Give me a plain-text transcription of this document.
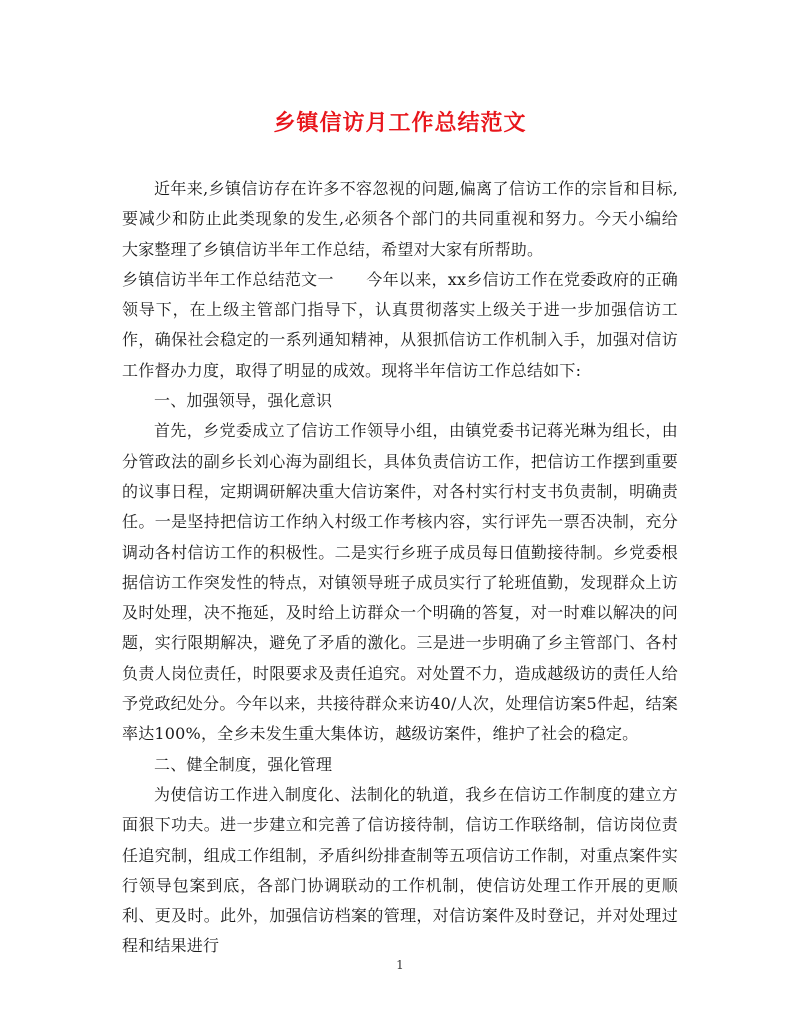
乡镇信访月工作总结范文

近年来,乡镇信访存在许多不容忽视的问题,偏离了信访工作的宗旨和目标,要减少和防止此类现象的发生,必须各个部门的共同重视和努力。今天小编给大家整理了乡镇信访半年工作总结，希望对大家有所帮助。

乡镇信访半年工作总结范文一　　今年以来，xx乡信访工作在党委政府的正确领导下，在上级主管部门指导下，认真贯彻落实上级关于进一步加强信访工作，确保社会稳定的一系列通知精神，从狠抓信访工作机制入手，加强对信访工作督办力度，取得了明显的成效。现将半年信访工作总结如下:

一、加强领导，强化意识

首先，乡党委成立了信访工作领导小组，由镇党委书记蒋光琳为组长，由分管政法的副乡长刘心海为副组长，具体负责信访工作，把信访工作摆到重要的议事日程，定期调研解决重大信访案件，对各村实行村支书负责制，明确责任。一是坚持把信访工作纳入村级工作考核内容，实行评先一票否决制，充分调动各村信访工作的积极性。二是实行乡班子成员每日值勤接待制。乡党委根据信访工作突发性的特点，对镇领导班子成员实行了轮班值勤，发现群众上访及时处理，决不拖延，及时给上访群众一个明确的答复，对一时难以解决的问题，实行限期解决，避免了矛盾的激化。三是进一步明确了乡主管部门、各村负责人岗位责任，时限要求及责任追究。对处置不力，造成越级访的责任人给予党政纪处分。今年以来，共接待群众来访40/人次，处理信访案5件起，结案率达100%，全乡未发生重大集体访，越级访案件，维护了社会的稳定。

二、健全制度，强化管理

为使信访工作进入制度化、法制化的轨道，我乡在信访工作制度的建立方面狠下功夫。进一步建立和完善了信访接待制，信访工作联络制，信访岗位责任追究制，组成工作组制，矛盾纠纷排查制等五项信访工作制，对重点案件实行领导包案到底，各部门协调联动的工作机制，使信访处理工作开展的更顺利、更及时。此外，加强信访档案的管理，对信访案件及时登记，并对处理过程和结果进行

1
